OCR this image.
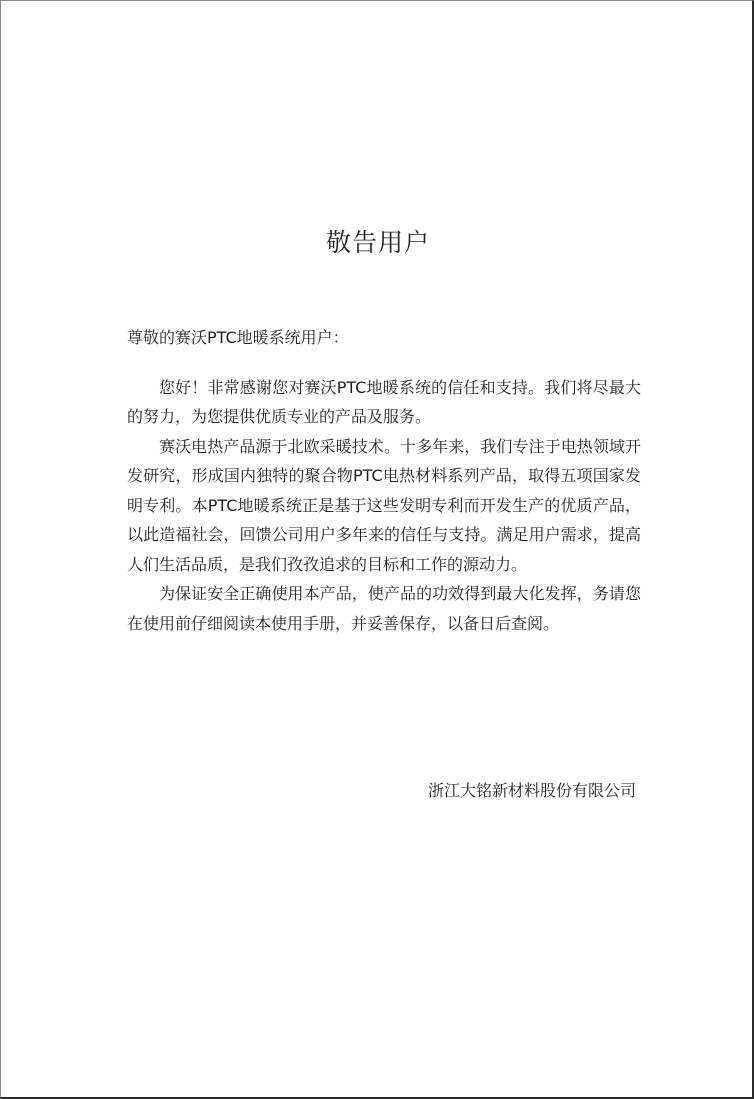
敬告用户

尊敬的赛沃PTC地暖系统用户：

您好！非常感谢您对赛沃PTC地暖系统的信任和支持。我们将尽最大的努力，为您提供优质专业的产品及服务。

赛沃电热产品源于北欧采暖技术。十多年来，我们专注于电热领域开发研究，形成国内独特的聚合物PTC电热材料系列产品，取得五项国家发明专利。本PTC地暖系统正是基于这些发明专利而开发生产的优质产品，以此造福社会，回馈公司用户多年来的信任与支持。满足用户需求，提高人们生活品质，是我们孜孜追求的目标和工作的源动力。

为保证安全正确使用本产品，使产品的功效得到最大化发挥，务请您在使用前仔细阅读本使用手册，并妥善保存，以备日后查阅。

浙江大铭新材料股份有限公司
